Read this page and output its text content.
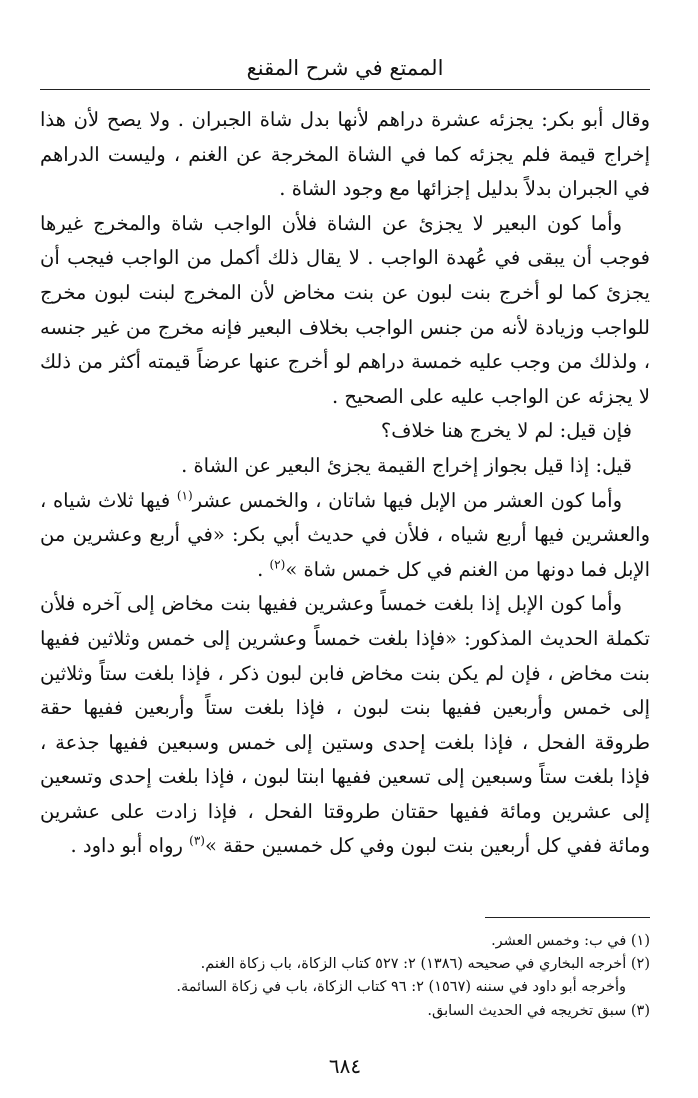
الممتع في شرح المقنع

وقال أبو بكر: يجزئه عشرة دراهم لأنها بدل شاة الجبران . ولا يصح لأن هذا إخراج قيمة فلم يجزئه كما في الشاة المخرجة عن الغنم ، وليست الدراهم في الجبران بدلاً بدليل إجزائها مع وجود الشاة .

وأما كون البعير لا يجزئ عن الشاة فلأن الواجب شاة والمخرج غيرها فوجب أن يبقى في عُهدة الواجب . لا يقال ذلك أكمل من الواجب فيجب أن يجزئ كما لو أخرج بنت لبون عن بنت مخاض لأن المخرج لبنت لبون مخرج للواجب وزيادة لأنه من جنس الواجب بخلاف البعير فإنه مخرج من غير جنسه ، ولذلك من وجب عليه خمسة دراهم لو أخرج عنها عرضاً قيمته أكثر من ذلك لا يجزئه عن الواجب عليه على الصحيح .

فإن قيل: لم لا يخرج هنا خلاف؟

قيل: إذا قيل بجواز إخراج القيمة يجزئ البعير عن الشاة .

وأما كون العشر من الإبل فيها شاتان ، والخمس عشر$^{(١)}$ فيها ثلاث شياه ، والعشرين فيها أربع شياه ، فلأن في حديث أبي بكر: «في أربع وعشرين من الإبل فما دونها من الغنم في كل خمس شاة »$^{(٢)}$ .

وأما كون الإبل إذا بلغت خمساً وعشرين ففيها بنت مخاض إلى آخره فلأن تكملة الحديث المذكور: «فإذا بلغت خمساً وعشرين إلى خمس وثلاثين ففيها بنت مخاض ، فإن لم يكن بنت مخاض فابن لبون ذكر ، فإذا بلغت ستاً وثلاثين إلى خمس وأربعين ففيها بنت لبون ، فإذا بلغت ستاً وأربعين ففيها حقة طروقة الفحل ، فإذا بلغت إحدى وستين إلى خمس وسبعين ففيها جذعة ، فإذا بلغت ستاً وسبعين إلى تسعين ففيها ابنتا لبون ، فإذا بلغت إحدى وتسعين إلى عشرين ومائة ففيها حقتان طروقتا الفحل ، فإذا زادت على عشرين ومائة ففي كل أربعين بنت لبون وفي كل خمسين حقة »$^{(٣)}$ رواه أبو داود .

(١) في ب: وخمس العشر.

(٢) أخرجه البخاري في صحيحه (١٣٨٦) ٢: ٥٢٧ كتاب الزكاة، باب زكاة الغنم.

وأخرجه أبو داود في سننه (١٥٦٧) ٢: ٩٦ كتاب الزكاة، باب في زكاة السائمة.

(٣) سبق تخريجه في الحديث السابق.

٦٨٤
